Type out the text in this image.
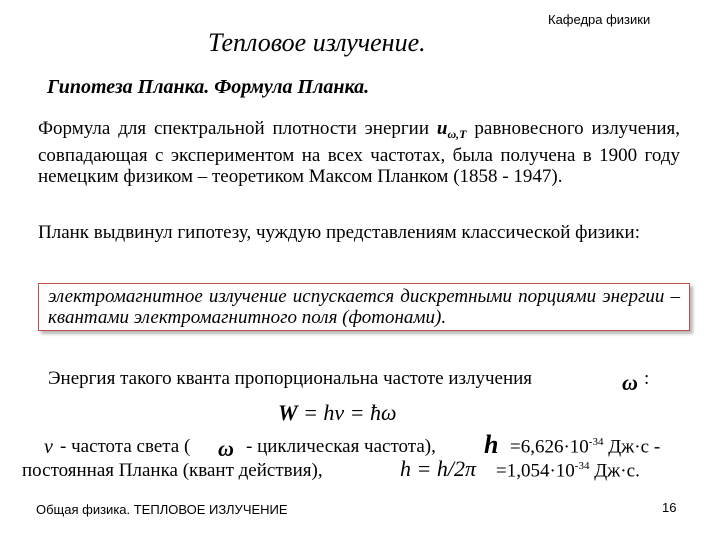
Кафедра физики
Тепловое излучение.
Гипотеза Планка. Формула Планка.
Формула для спектральной плотности энергии $u_{\omega,T}$ равновесного излучения, совпадающая с экспериментом на всех частотах, была получена в 1900 году немецким физиком – теоретиком Максом Планком (1858 - 1947).
Планк выдвинул гипотезу, чуждую представлениям классической физики:
электромагнитное излучение испускается дискретными порциями энергии – квантами электромагнитного поля (фотонами).
Энергия такого кванта пропорциональна частоте излучения	ω :
W = hν = ħω
ν - частота света ( ω - циклическая частота), $h =6,626\cdot 10^{-34}$ Дж·с -
постоянная Планка (квант действия),	$h = h/2\pi =1,054\cdot 10^{-34}$ Дж·с.
Общая физика. ТЕПЛОВОЕ ИЗЛУЧЕНИЕ	16
